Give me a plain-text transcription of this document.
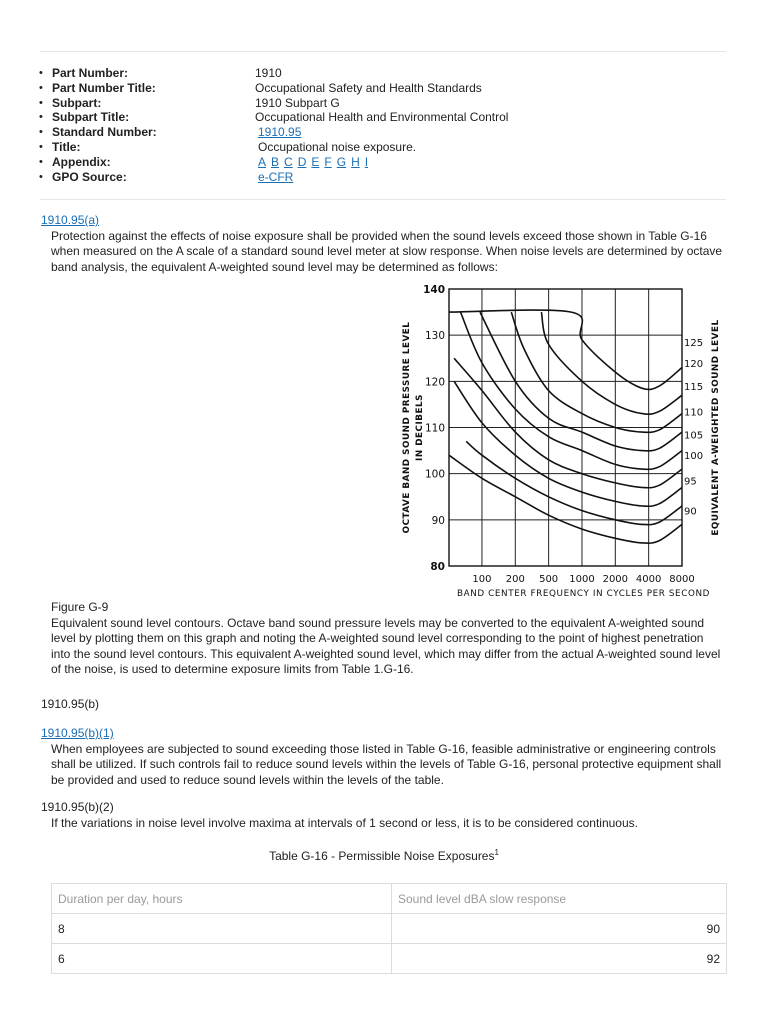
• Part Number:	1910
• Part Number Title:	Occupational Safety and Health Standards
• Subpart:	1910 Subpart G
• Subpart Title:	Occupational Health and Environmental Control
• Standard Number:	1910.95
• Title:	Occupational noise exposure.
• Appendix:	A B C D E F G H I
• GPO Source:	e-CFR
1910.95(a)
Protection against the effects of noise exposure shall be provided when the sound levels exceed those shown in Table G-16 when measured on the A scale of a standard sound level meter at slow response. When noise levels are determined by octave band analysis, the equivalent A-weighted sound level may be determined as follows:
80
90
100
110
120
130
140
125
120
115
110
105
100
95
90
100 200 500 1000 2000 4000 8000
OCTAVE BAND SOUND PRESSURE LEVEL IN DECIBELS	EQUIVALENT A-WEIGHTED SOUND LEVEL
BAND CENTER FREQUENCY IN CYCLES PER SECOND
Figure G-9
Equivalent sound level contours. Octave band sound pressure levels may be converted to the equivalent A-weighted sound level by plotting them on this graph and noting the A-weighted sound level corresponding to the point of highest penetration into the sound level contours. This equivalent A-weighted sound level, which may differ from the actual A-weighted sound level of the noise, is used to determine exposure limits from Table 1.G-16.
1910.95(b)
1910.95(b)(1)
When employees are subjected to sound exceeding those listed in Table G-16, feasible administrative or engineering controls shall be utilized. If such controls fail to reduce sound levels within the levels of Table G-16, personal protective equipment shall be provided and used to reduce sound levels within the levels of the table.
1910.95(b)(2)
If the variations in noise level involve maxima at intervals of 1 second or less, it is to be considered continuous.
Table G-16 - Permissible Noise Exposures$^1$
Duration per day, hours	Sound level dBA slow response
8	90
6	92
